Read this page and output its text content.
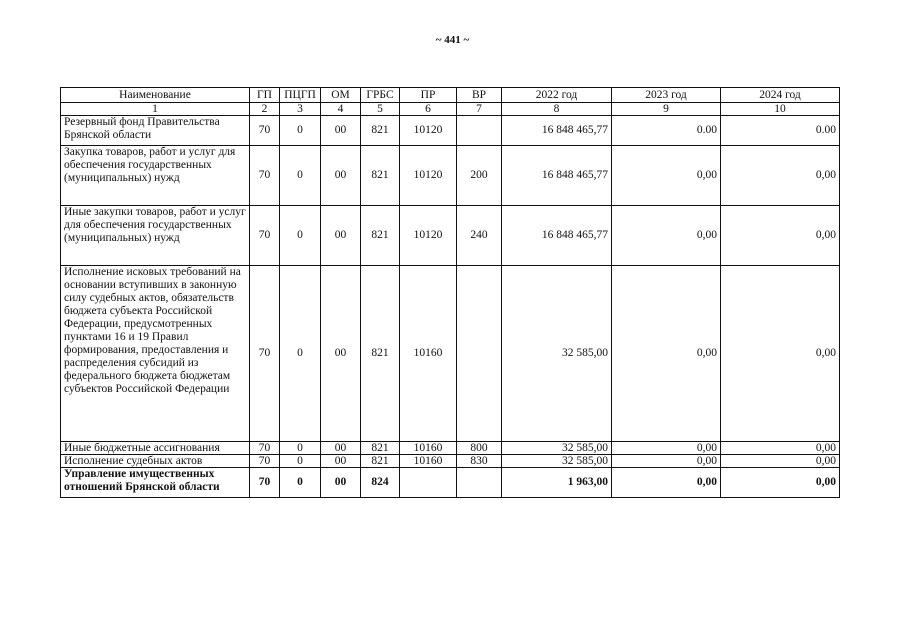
~ 441 ~
Наименование	ГП	ПЦГП	ОМ	ГРБС	ПР	ВР	2022 год	2023 год	2024 год
1	2	3	4	5	6	7	8	9	10
Резервный фонд Правительства Брянской области	70	0	00	821	10120		16 848 465,77	0.00	0.00
Закупка товаров, работ и услуг для обеспечения государственных (муниципальных) нужд	70	0	00	821	10120	200	16 848 465,77	0,00	0,00
Иные закупки товаров, работ и услуг для обеспечения государственных (муниципальных) нужд	70	0	00	821	10120	240	16 848 465,77	0,00	0,00
Исполнение исковых требований на основании вступивших в законную силу судебных актов, обязательств бюджета субъекта Российской Федерации, предусмотренных пунктами 16 и 19 Правил формирования, предоставления и распределения субсидий из федерального бюджета бюджетам субъектов Российской Федерации	70	0	00	821	10160		32 585,00	0,00	0,00
Иные бюджетные ассигнования	70	0	00	821	10160	800	32 585,00	0,00	0,00
Исполнение судебных актов	70	0	00	821	10160	830	32 585,00	0,00	0,00
Управление имущественных отношений Брянской области	70	0	00	824			1 963,00	0,00	0,00
